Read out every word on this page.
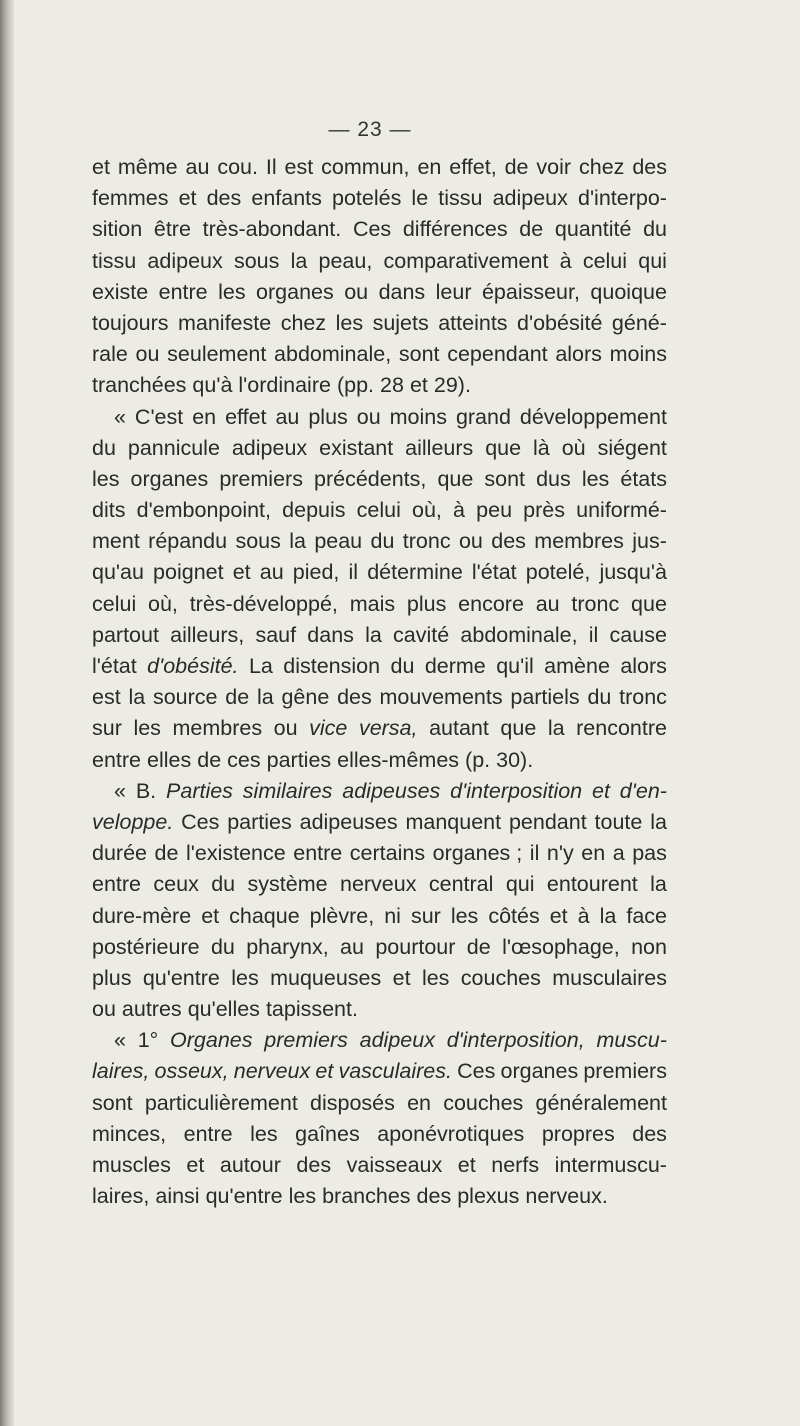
— 23 —
et même au cou. Il est commun, en effet, de voir chez des
femmes et des enfants potelés le tissu adipeux d'interpo-
sition être très-abondant. Ces différences de quantité du
tissu adipeux sous la peau, comparativement à celui qui
existe entre les organes ou dans leur épaisseur, quoique
toujours manifeste chez les sujets atteints d'obésité géné-
rale ou seulement abdominale, sont cependant alors moins
tranchées qu'à l'ordinaire (pp. 28 et 29).
« C'est en effet au plus ou moins grand développement
du pannicule adipeux existant ailleurs que là où siégent
les organes premiers précédents, que sont dus les états
dits d'embonpoint, depuis celui où, à peu près uniformé-
ment répandu sous la peau du tronc ou des membres jus-
qu'au poignet et au pied, il détermine l'état potelé, jusqu'à
celui où, très-développé, mais plus encore au tronc que
partout ailleurs, sauf dans la cavité abdominale, il cause
l'état d'obésité. La distension du derme qu'il amène alors
est la source de la gêne des mouvements partiels du tronc
sur les membres ou vice versa, autant que la rencontre
entre elles de ces parties elles-mêmes (p. 30).
« B. Parties similaires adipeuses d'interposition et d'en-
veloppe. Ces parties adipeuses manquent pendant toute la
durée de l'existence entre certains organes ; il n'y en a pas
entre ceux du système nerveux central qui entourent la
dure-mère et chaque plèvre, ni sur les côtés et à la face
postérieure du pharynx, au pourtour de l'œsophage, non
plus qu'entre les muqueuses et les couches musculaires
ou autres qu'elles tapissent.
« 1° Organes premiers adipeux d'interposition, muscu-
laires, osseux, nerveux et vasculaires. Ces organes premiers
sont particulièrement disposés en couches généralement
minces, entre les gaînes aponévrotiques propres des
muscles et autour des vaisseaux et nerfs intermuscu-
laires, ainsi qu'entre les branches des plexus nerveux.
